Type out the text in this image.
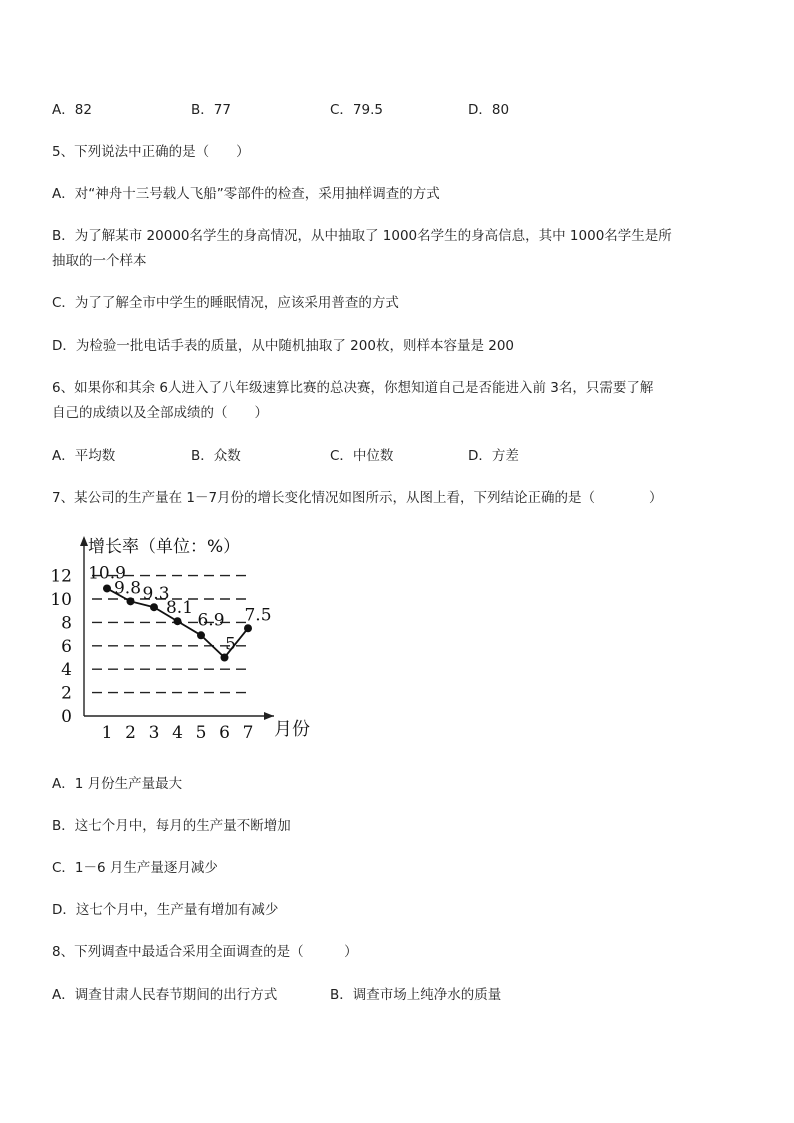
A．82	B．77	C．79.5	D．80
5、下列说法中正确的是（　　）
A．对“神舟十三号载人飞船”零部件的检查，采用抽样调查的方式
B．为了解某市 20000名学生的身高情况，从中抽取了 1000名学生的身高信息，其中 1000名学生是所
抽取的一个样本
C．为了了解全市中学生的睡眠情况，应该采用普查的方式
D．为检验一批电话手表的质量，从中随机抽取了 200枚，则样本容量是 200
6、如果你和其余 6人进入了八年级速算比赛的总决赛，你想知道自己是否能进入前 3名，只需要了解
自己的成绩以及全部成绩的（　　）
A．平均数	B．众数	C．中位数	D．方差
7、某公司的生产量在 1－7月份的增长变化情况如图所示，从图上看，下列结论正确的是（　　　　）
增长率（单位：%）
月份
0
2
4
6
8
10
12
1 2 3 4 5 6 7
10.9
9.8 9.3
8.1
6.9
5
7.5
A．1 月份生产量最大
B．这七个月中，每月的生产量不断增加
C．1－6 月生产量逐月减少
D．这七个月中，生产量有增加有减少
8、下列调查中最适合采用全面调查的是（　　　）
A．调查甘肃人民春节期间的出行方式	B．调查市场上纯净水的质量
